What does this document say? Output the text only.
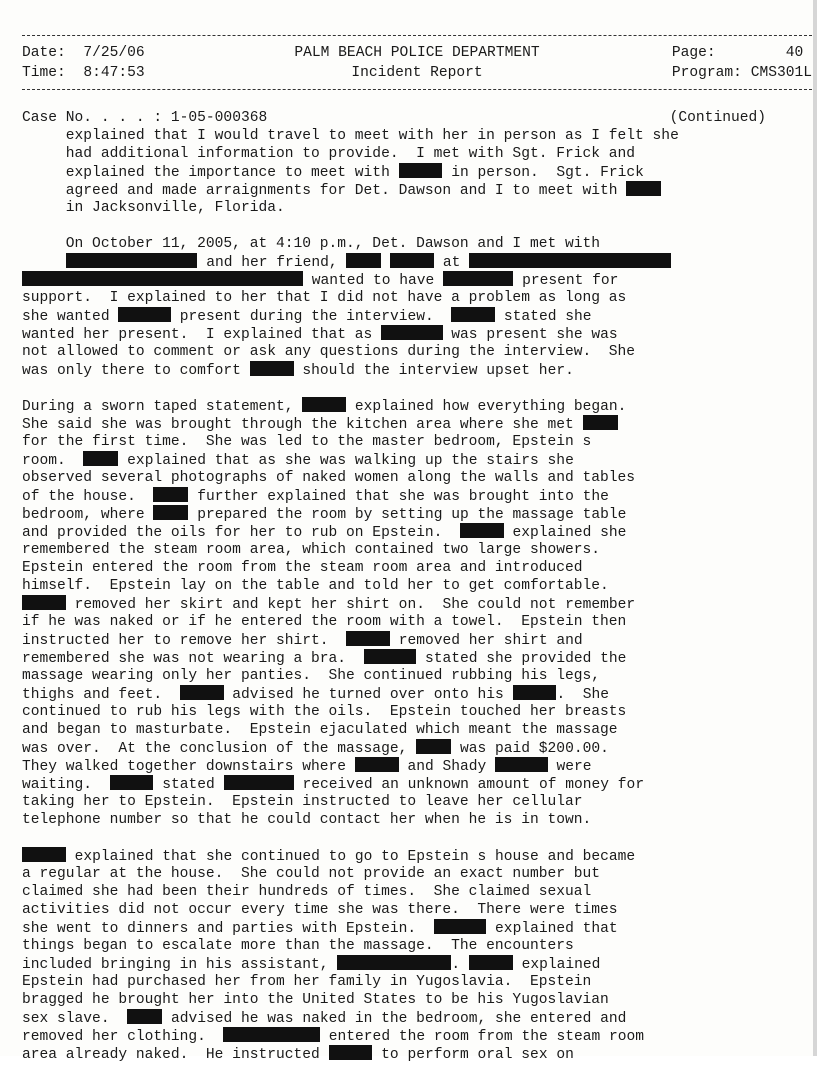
Date: 7/25/06
Time: 8:47:53
PALM BEACH POLICE DEPARTMENT
Incident Report
Page:	40
Program: CMS301L
Case No. . . . : 1-05-000368	(Continued)
explained that I would travel to meet with her in person as I felt she
had additional information to provide.  I met with Sgt. Frick and
explained the importance to meet with	in person.  Sgt. Frick
agreed and made arraignments for Det. Dawson and I to meet with
in Jacksonville, Florida.
On October 11, 2005, at 4:10 p.m., Det. Dawson and I met with
and her friend,	at
wanted to have	present for
support.  I explained to her that I did not have a problem as long as
she wanted	present during the interview.	stated she
wanted her present.  I explained that as	was present she was
not allowed to comment or ask any questions during the interview.  She
was only there to comfort	should the interview upset her.
During a sworn taped statement,	explained how everything began.
She said she was brought through the kitchen area where she met
for the first time.  She was led to the master bedroom, Epstein s
room.   explained that as she was walking up the stairs she
observed several photographs of naked women along the walls and tables
of the house.   further explained that she was brought into the
bedroom, where  prepared the room by setting up the massage table
and provided the oils for her to rub on Epstein.	explained she
remembered the steam room area, which contained two large showers.
Epstein entered the room from the steam room area and introduced
himself.  Epstein lay on the table and told her to get comfortable.
removed her skirt and kept her shirt on.  She could not remember
if he was naked or if he entered the room with a towel.  Epstein then
instructed her to remove her shirt.	removed her shirt and
remembered she was not wearing a bra.	stated she provided the
massage wearing only her panties.  She continued rubbing his legs,
thighs and feet.	advised he turned over onto his	.  She
continued to rub his legs with the oils.  Epstein touched her breasts
and began to masturbate.  Epstein ejaculated which meant the massage
was over.  At the conclusion of the massage,  was paid $200.00.
They walked together downstairs where	and Shady	were
waiting.	stated	received an unknown amount of money for
taking her to Epstein.  Epstein instructed to leave her cellular
telephone number so that he could contact her when he is in town.
explained that she continued to go to Epstein s house and became
a regular at the house.  She could not provide an exact number but
claimed she had been their hundreds of times.  She claimed sexual
activities did not occur every time she was there.  There were times
she went to dinners and parties with Epstein.	explained that
things began to escalate more than the massage.  The encounters
included bringing in his assistant,	.	explained
Epstein had purchased her from her family in Yugoslavia.  Epstein
bragged he brought her into the United States to be his Yugoslavian
sex slave.   advised he was naked in the bedroom, she entered and
removed her clothing.	entered the room from the steam room
area already naked.  He instructed	to perform oral sex on
